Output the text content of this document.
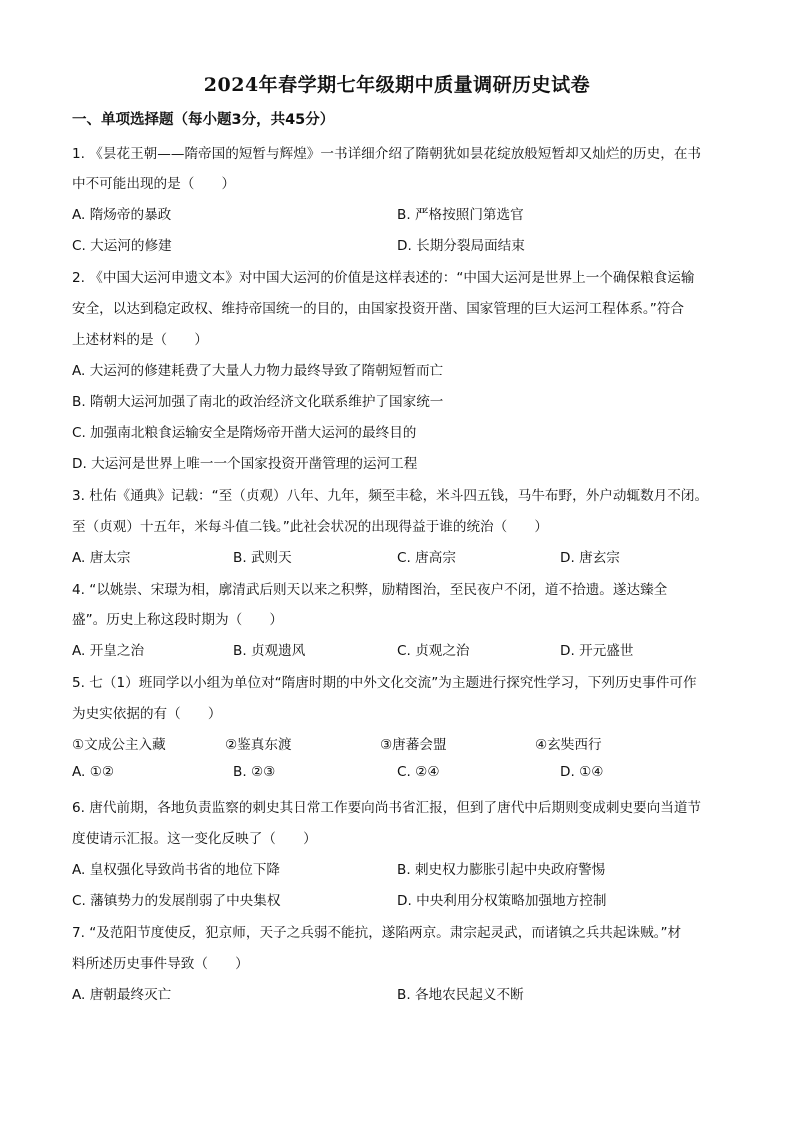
2024年春学期七年级期中质量调研历史试卷
一、单项选择题（每小题3分，共45分）
1. 《昙花王朝——隋帝国的短暂与辉煌》一书详细介绍了隋朝犹如昙花绽放般短暂却又灿烂的历史，在书
中不可能出现的是（　　）
A. 隋炀帝的暴政	B. 严格按照门第选官
C. 大运河的修建	D. 长期分裂局面结束
2. 《中国大运河申遗文本》对中国大运河的价值是这样表述的：“中国大运河是世界上一个确保粮食运输
安全，以达到稳定政权、维持帝国统一的目的，由国家投资开凿、国家管理的巨大运河工程体系。”符合
上述材料的是（　　）
A. 大运河的修建耗费了大量人力物力最终导致了隋朝短暂而亡
B. 隋朝大运河加强了南北的政治经济文化联系维护了国家统一
C. 加强南北粮食运输安全是隋炀帝开凿大运河的最终目的
D. 大运河是世界上唯一一个国家投资开凿管理的运河工程
3. 杜佑《通典》记载：“至（贞观）八年、九年，频至丰稔，米斗四五钱，马牛布野，外户动辄数月不闭。
至（贞观）十五年，米每斗值二钱。”此社会状况的出现得益于谁的统治（　　）
A. 唐太宗	B. 武则天	C. 唐高宗	D. 唐玄宗
4. “以姚崇、宋璟为相，廓清武后则天以来之积弊，励精图治，至民夜户不闭，道不拾遗。遂达臻全
盛”。历史上称这段时期为（　　）
A. 开皇之治	B. 贞观遗风	C. 贞观之治	D. 开元盛世
5. 七（1）班同学以小组为单位对“隋唐时期的中外文化交流”为主题进行探究性学习，下列历史事件可作
为史实依据的有（　　）
①文成公主入藏	②鉴真东渡	③唐蕃会盟	④玄奘西行
A. ①②	B. ②③	C. ②④	D. ①④
6. 唐代前期，各地负责监察的刺史其日常工作要向尚书省汇报，但到了唐代中后期则变成刺史要向当道节
度使请示汇报。这一变化反映了（　　）
A. 皇权强化导致尚书省的地位下降	B. 刺史权力膨胀引起中央政府警惕
C. 藩镇势力的发展削弱了中央集权	D. 中央利用分权策略加强地方控制
7. “及范阳节度使反，犯京师，天子之兵弱不能抗，遂陷两京。肃宗起灵武，而诸镇之兵共起诛贼。”材
料所述历史事件导致（　　）
A. 唐朝最终灭亡	B. 各地农民起义不断
